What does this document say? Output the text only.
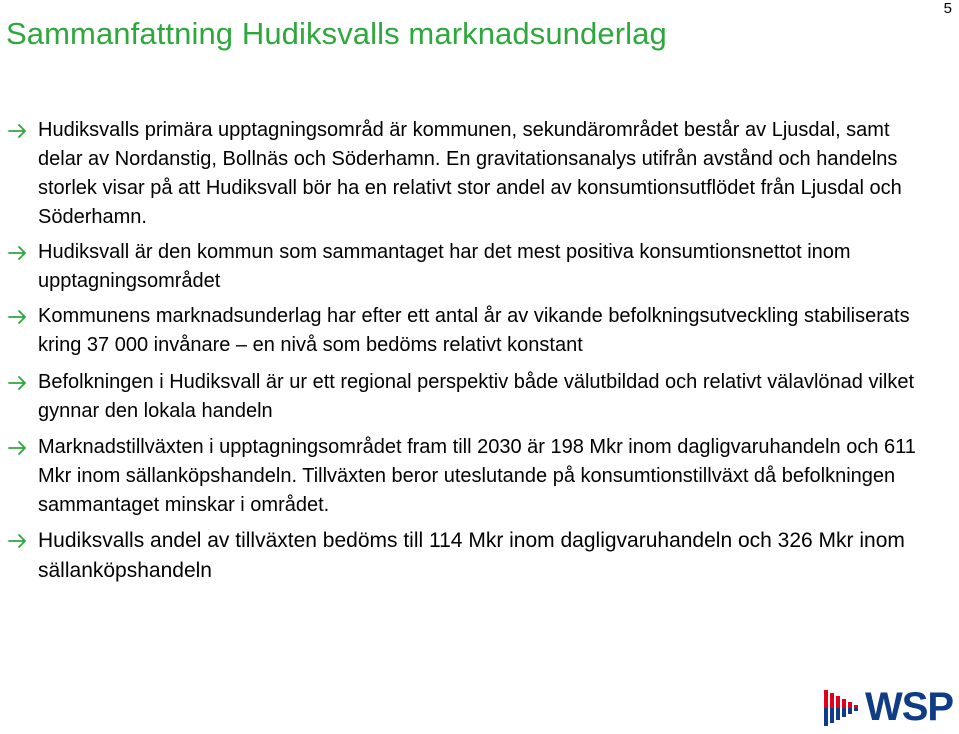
5
Sammanfattning Hudiksvalls marknadsunderlag
Hudiksvalls primära upptagningsområd är kommunen, sekundärområdet består av Ljusdal, samt delar av Nordanstig, Bollnäs och Söderhamn. En gravitationsanalys utifrån avstånd och handelns storlek visar på att Hudiksvall bör ha en relativt stor andel av konsumtionsutflödet från Ljusdal och Söderhamn.
Hudiksvall är den kommun som sammantaget har det mest positiva konsumtionsnettot inom upptagningsområdet
Kommunens marknadsunderlag har efter ett antal år av vikande befolkningsutveckling stabiliserats kring 37 000 invånare – en nivå som bedöms relativt konstant
Befolkningen i Hudiksvall är ur ett regional perspektiv både välutbildad och relativt välavlönad vilket gynnar den lokala handeln
Marknadstillväxten i upptagningsområdet fram till 2030 är 198 Mkr inom dagligvaruhandeln och 611 Mkr inom sällanköpshandeln. Tillväxten beror uteslutande på konsumtionstillväxt då befolkningen sammantaget minskar i området.
Hudiksvalls andel av tillväxten bedöms till 114 Mkr inom dagligvaruhandeln och 326 Mkr inom sällanköpshandeln
WSP
